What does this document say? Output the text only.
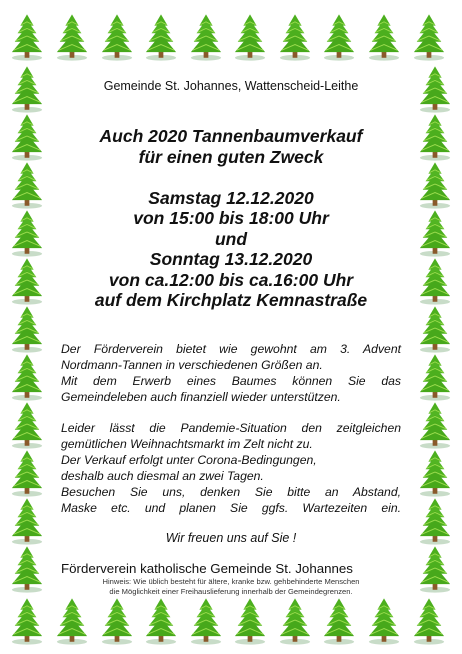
Gemeinde St. Johannes, Wattenscheid-Leithe
Auch 2020 Tannenbaumverkauf
für einen guten Zweck
Samstag 12.12.2020
von 15:00 bis 18:00 Uhr
und
Sonntag 13.12.2020
von ca.12:00 bis ca.16:00 Uhr
auf dem Kirchplatz Kemnastraße
Der Förderverein bietet wie gewohnt am 3. Advent
Nordmann-Tannen in verschiedenen Größen an.
Mit dem Erwerb eines Baumes können Sie das
Gemeindeleben auch finanziell wieder unterstützen.
Leider lässt die Pandemie-Situation den zeitgleichen
gemütlichen Weihnachtsmarkt im Zelt nicht zu.
Der Verkauf erfolgt unter Corona-Bedingungen,
deshalb auch diesmal an zwei Tagen.
Besuchen Sie uns, denken Sie bitte an Abstand,
Maske etc. und planen Sie ggfs. Wartezeiten ein.
Wir freuen uns auf Sie !
Förderverein katholische Gemeinde St. Johannes
Hinweis: Wie üblich besteht für ältere, kranke bzw. gehbehinderte Menschen
die Möglichkeit einer Freihauslieferung innerhalb der Gemeindegrenzen.
